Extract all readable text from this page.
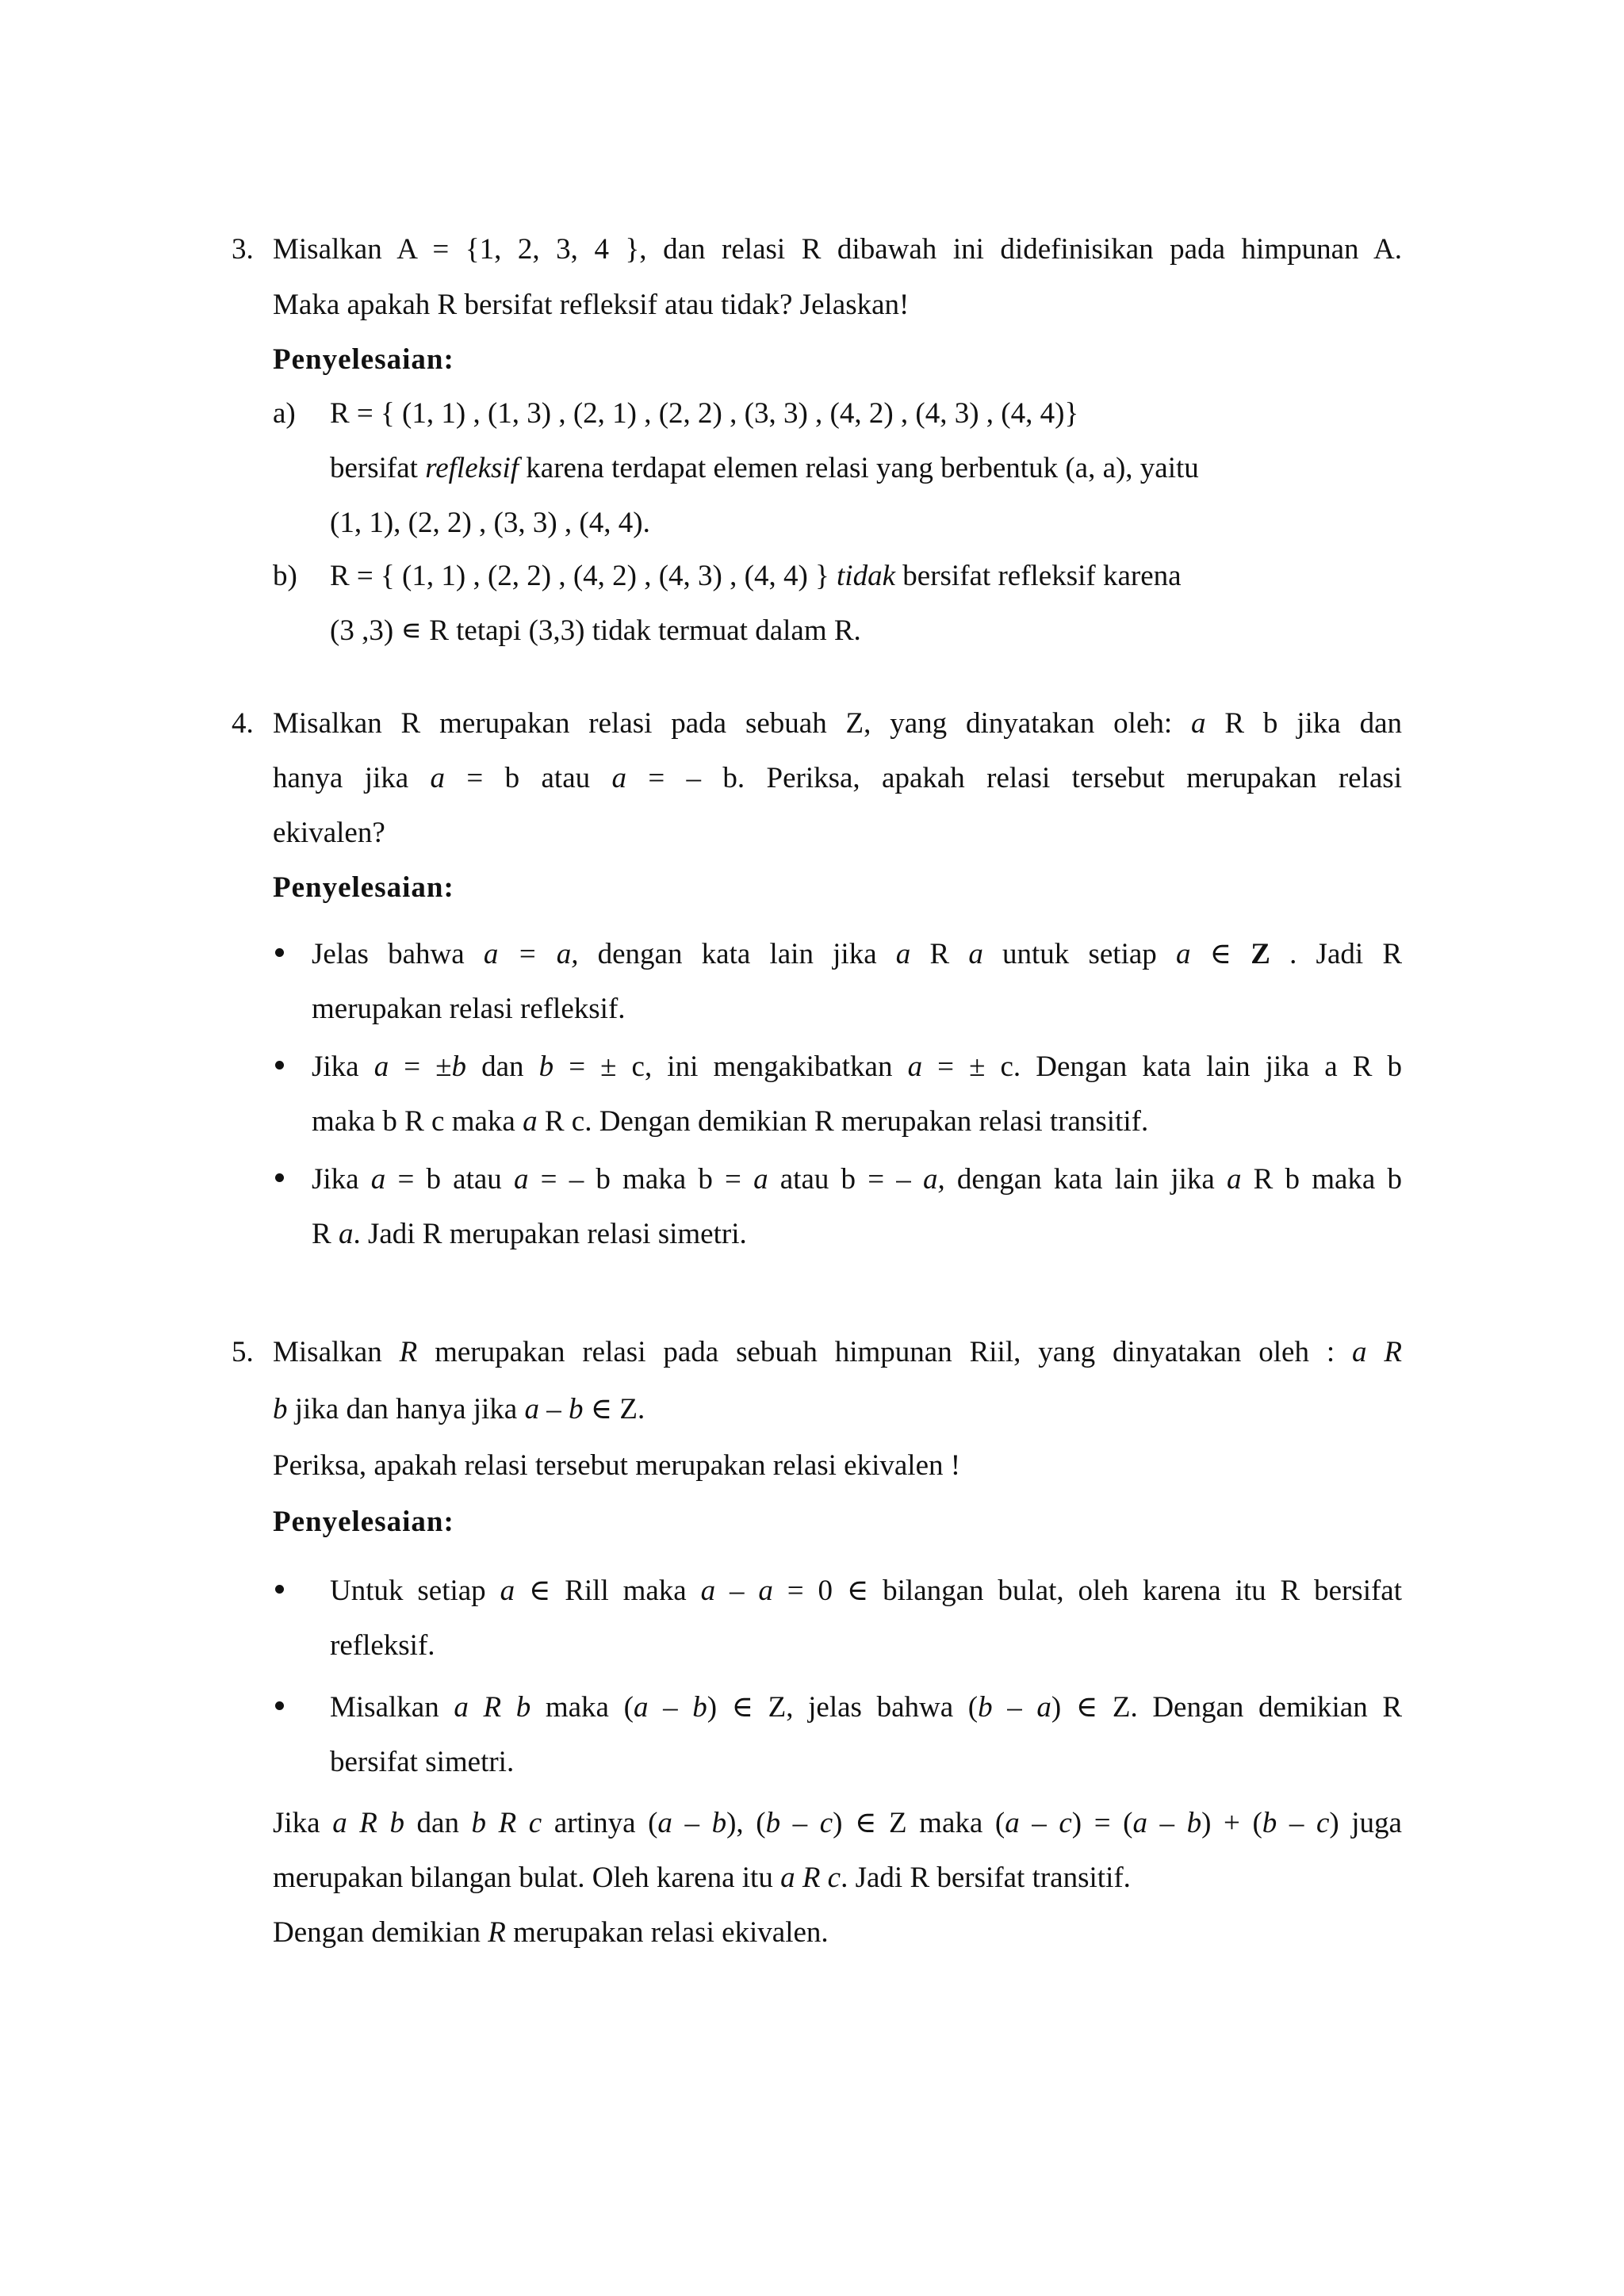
3. Misalkan A = {1, 2, 3, 4 }, dan relasi R dibawah ini didefinisikan pada himpunan A.
Maka apakah R bersifat refleksif atau tidak? Jelaskan!
Penyelesaian:
a) R = { (1, 1) , (1, 3) , (2, 1) , (2, 2) , (3, 3) , (4, 2) , (4, 3) , (4, 4)}
bersifat refleksif karena terdapat elemen relasi yang berbentuk (a, a), yaitu
(1, 1), (2, 2) , (3, 3) , (4, 4).
b) R = { (1, 1) , (2, 2) , (4, 2) , (4, 3) , (4, 4) } tidak bersifat refleksif karena
(3 ,3) ∊ R tetapi (3,3) tidak termuat dalam R.
4. Misalkan R merupakan relasi pada sebuah Z, yang dinyatakan oleh: a R b jika dan
hanya jika a = b atau a = – b. Periksa, apakah relasi tersebut merupakan relasi
ekivalen?
Penyelesaian:
Jelas bahwa a = a, dengan kata lain jika a R a untuk setiap a ∈ Z . Jadi R
merupakan relasi refleksif.
Jika a = ±b dan b = ± c, ini mengakibatkan a = ± c. Dengan kata lain jika a R b
maka b R c maka a R c. Dengan demikian R merupakan relasi transitif.
Jika a = b atau a = – b maka b = a atau b = – a, dengan kata lain jika a R b maka b
R a. Jadi R merupakan relasi simetri.
5. Misalkan R merupakan relasi pada sebuah himpunan Riil, yang dinyatakan oleh : a R
b jika dan hanya jika a – b ∈ Z.
Periksa, apakah relasi tersebut merupakan relasi ekivalen !
Penyelesaian:
Untuk setiap a ∈ Rill maka a – a = 0 ∈ bilangan bulat, oleh karena itu R bersifat
refleksif.
Misalkan a R b maka (a – b) ∈ Z, jelas bahwa (b – a) ∈ Z. Dengan demikian R
bersifat simetri.
Jika a R b dan b R c artinya (a – b), (b – c) ∈ Z maka (a – c) = (a – b) + (b – c) juga
merupakan bilangan bulat. Oleh karena itu a R c. Jadi R bersifat transitif.
Dengan demikian R merupakan relasi ekivalen.
